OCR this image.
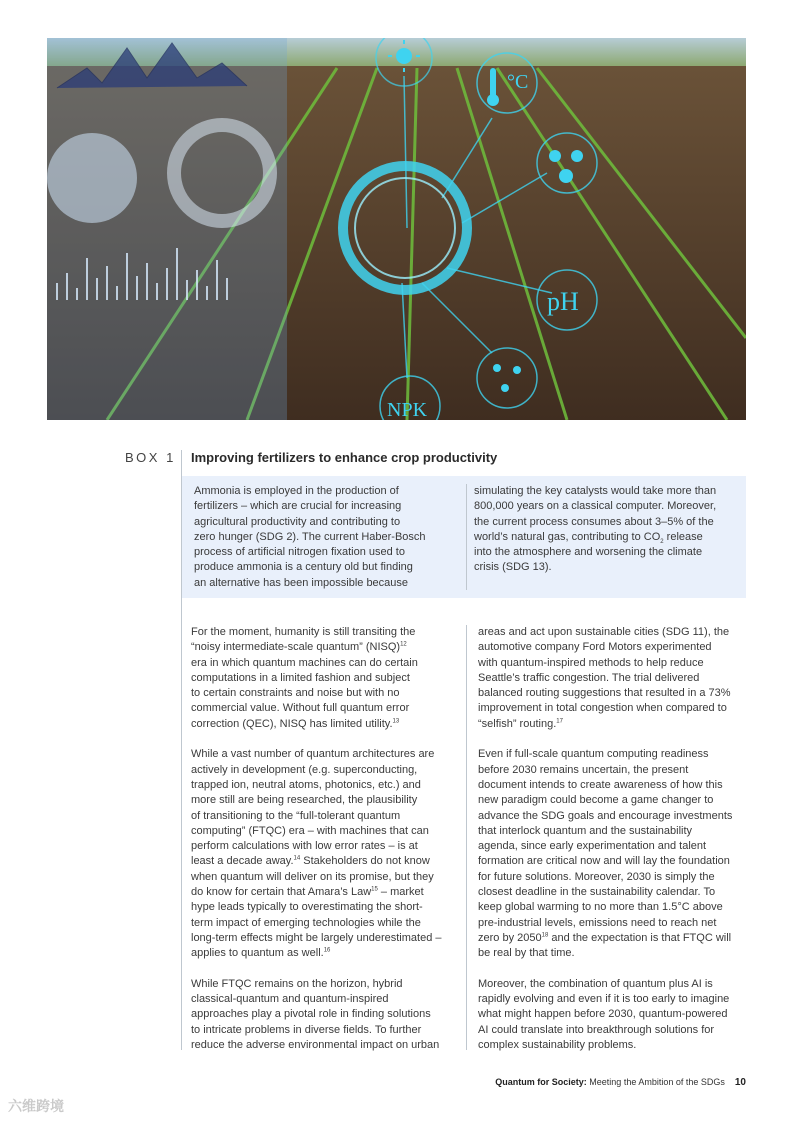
°C
pH
NPK
BOX 1 Improving fertilizers to enhance crop productivity
Ammonia is employed in the production of
fertilizers – which are crucial for increasing
agricultural productivity and contributing to
zero hunger (SDG 2). The current Haber-Bosch
process of artificial nitrogen fixation used to
produce ammonia is a century old but finding
an alternative has been impossible because
simulating the key catalysts would take more than
800,000 years on a classical computer. Moreover,
the current process consumes about 3–5% of the
world’s natural gas, contributing to $CO_2$ release
into the atmosphere and worsening the climate
crisis (SDG 13).

For the moment, humanity is still transiting the
“noisy intermediate-scale quantum” (NISQ)$^{12}$
era in which quantum machines can do certain
computations in a limited fashion and subject
to certain constraints and noise but with no
commercial value. Without full quantum error
correction (QEC), NISQ has limited utility.$^{13}$

While a vast number of quantum architectures are
actively in development (e.g. superconducting,
trapped ion, neutral atoms, photonics, etc.) and
more still are being researched, the plausibility
of transitioning to the “full-tolerant quantum
computing” (FTQC) era – with machines that can
perform calculations with low error rates – is at
least a decade away.$^{14}$ Stakeholders do not know
when quantum will deliver on its promise, but they
do know for certain that Amara’s Law$^{15}$ – market
hype leads typically to overestimating the short-
term impact of emerging technologies while the
long-term effects might be largely underestimated –
applies to quantum as well.$^{16}$

While FTQC remains on the horizon, hybrid
classical-quantum and quantum-inspired
approaches play a pivotal role in finding solutions
to intricate problems in diverse fields. To further
reduce the adverse environmental impact on urban

areas and act upon sustainable cities (SDG 11), the
automotive company Ford Motors experimented
with quantum-inspired methods to help reduce
Seattle’s traffic congestion. The trial delivered
balanced routing suggestions that resulted in a 73%
improvement in total congestion when compared to
“selfish” routing.$^{17}$

Even if full-scale quantum computing readiness
before 2030 remains uncertain, the present
document intends to create awareness of how this
new paradigm could become a game changer to
advance the SDG goals and encourage investments
that interlock quantum and the sustainability
agenda, since early experimentation and talent
formation are critical now and will lay the foundation
for future solutions. Moreover, 2030 is simply the
closest deadline in the sustainability calendar. To
keep global warming to no more than 1.5°C above
pre-industrial levels, emissions need to reach net
zero by 2050$^{18}$ and the expectation is that FTQC will
be real by that time.

Moreover, the combination of quantum plus AI is
rapidly evolving and even if it is too early to imagine
what might happen before 2030, quantum-powered
AI could translate into breakthrough solutions for
complex sustainability problems.

Quantum for Society: Meeting the Ambition of the SDGs 10
六维跨境
